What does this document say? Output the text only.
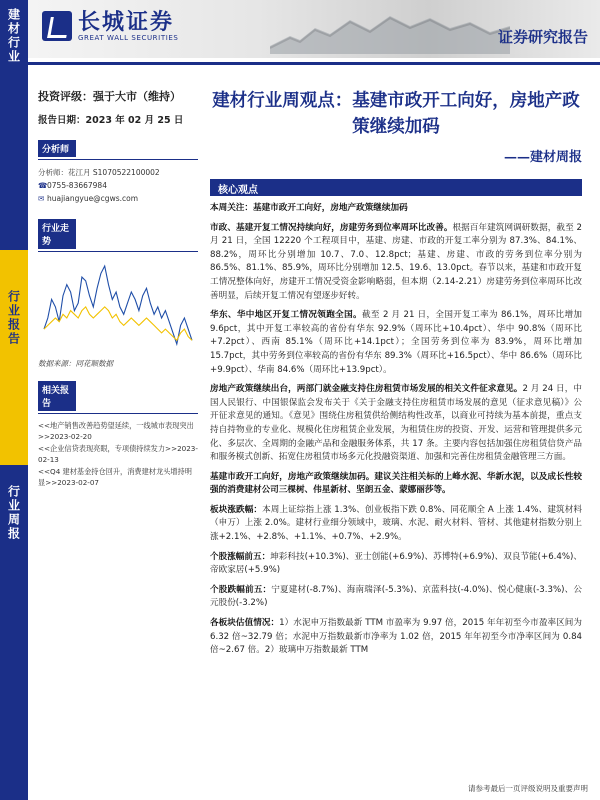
建材行业
行业报告
行业周报
长城证券
GREAT WALL SECURITIES	证券研究报告
投资评级：强于大市（维持）
报告日期：2023 年 02 月 25 日
分析师
分析师：花江月 S1070522100002
☎0755-83667984
✉ huajiangyue@cgws.com
行业走势
数据来源：同花顺数据
相关报告
<<地产销售改善趋势望延续，一线城市表现突出>>2023-02-20
<<企业信贷表现亮眼，专项债持续发力>>2023-02-13
<<Q4 建材基金持仓回升，消费建材龙头增持明显>>2023-02-07
建材行业周观点：基建市政开工向好，房地产政策继续加码
——建材周报
核心观点

本周关注：基建市政开工向好，房地产政策继续加码

市政、基建开复工情况持续向好，房建劳务到位率周环比改善。根据百年建筑网调研数据，截至 2 月 21 日，全国 12220 个工程项目中，基建、房建、市政的开复工率分别为 87.3%、84.1%、88.2%，周环比分别增加 10.7、7.0、12.8pct；基建、房建、市政的劳务到位率分别为 86.5%、81.1%、85.9%，周环比分别增加 12.5、19.6、13.0pct。春节以来，基建和市政开复工情况整体向好，房建开工情况受资金影响略弱，但本期（2.14-2.21）房建劳务到位率周环比改善明显，后续开复工情况有望逐步好转。

华东、华中地区开复工情况领跑全国。截至 2 月 21 日，全国开复工率为 86.1%，周环比增加 9.6pct，其中开复工率较高的省份有华东 92.9%（周环比+10.4pct）、华中 90.8%（周环比+7.2pct）、西南 85.1%（周环比+14.1pct）；全国劳务到位率为 83.9%，周环比增加 15.7pct，其中劳务到位率较高的省份有华东 89.3%（周环比+16.5pct）、华中 86.6%（周环比+9.9pct）、华南 84.6%（周环比+13.9pct）。

房地产政策继续出台，两部门就金融支持住房租赁市场发展的相关文件征求意见。2 月 24 日，中国人民银行、中国银保监会发布关于《关于金融支持住房租赁市场发展的意见（征求意见稿）》公开征求意见的通知。《意见》围绕住房租赁供给侧结构性改革，以商业可持续为基本前提，重点支持自持物业的专业化、规模化住房租赁企业发展，为租赁住房的投资、开发、运营和管理提供多元化、多层次、全周期的金融产品和金融服务体系，共 17 条。主要内容包括加强住房租赁信贷产品和服务模式创新、拓宽住房租赁市场多元化投融资渠道、加强和完善住房租赁金融管理三方面。

基建市政开工向好，房地产政策继续加码。建议关注相关标的上峰水泥、华新水泥，以及成长性较强的消费建材公司三棵树、伟星新材、坚朗五金、蒙娜丽莎等。

板块涨跌幅：本周上证综指上涨 1.3%、创业板指下跌 0.8%、同花顺全 A 上涨 1.4%、建筑材料（申万）上涨 2.0%。建材行业细分领域中，玻璃、水泥、耐火材料、管材、其他建材指数分别上涨+2.1%、+2.8%、+1.1%、+0.7%、+2.9%。

个股涨幅前五：坤彩科技(+10.3%)、亚士创能(+6.9%)、苏博特(+6.9%)、双良节能(+6.4%)、帝欧家居(+5.9%)

个股跌幅前五：宁夏建材(-8.7%)、海南瑞泽(-5.3%)、京蓝科技(-4.0%)、悦心健康(-3.3%)、公元股份(-3.2%)

各板块估值情况：1）水泥申万指数最新 TTM 市盈率为 9.97 倍，2015 年年初至今市盈率区间为 6.32 倍~32.79 倍；水泥申万指数最新市净率为 1.02 倍，2015 年年初至今市净率区间为 0.84 倍~2.67 倍。2）玻璃申万指数最新 TTM

请参考最后一页评级说明及重要声明
